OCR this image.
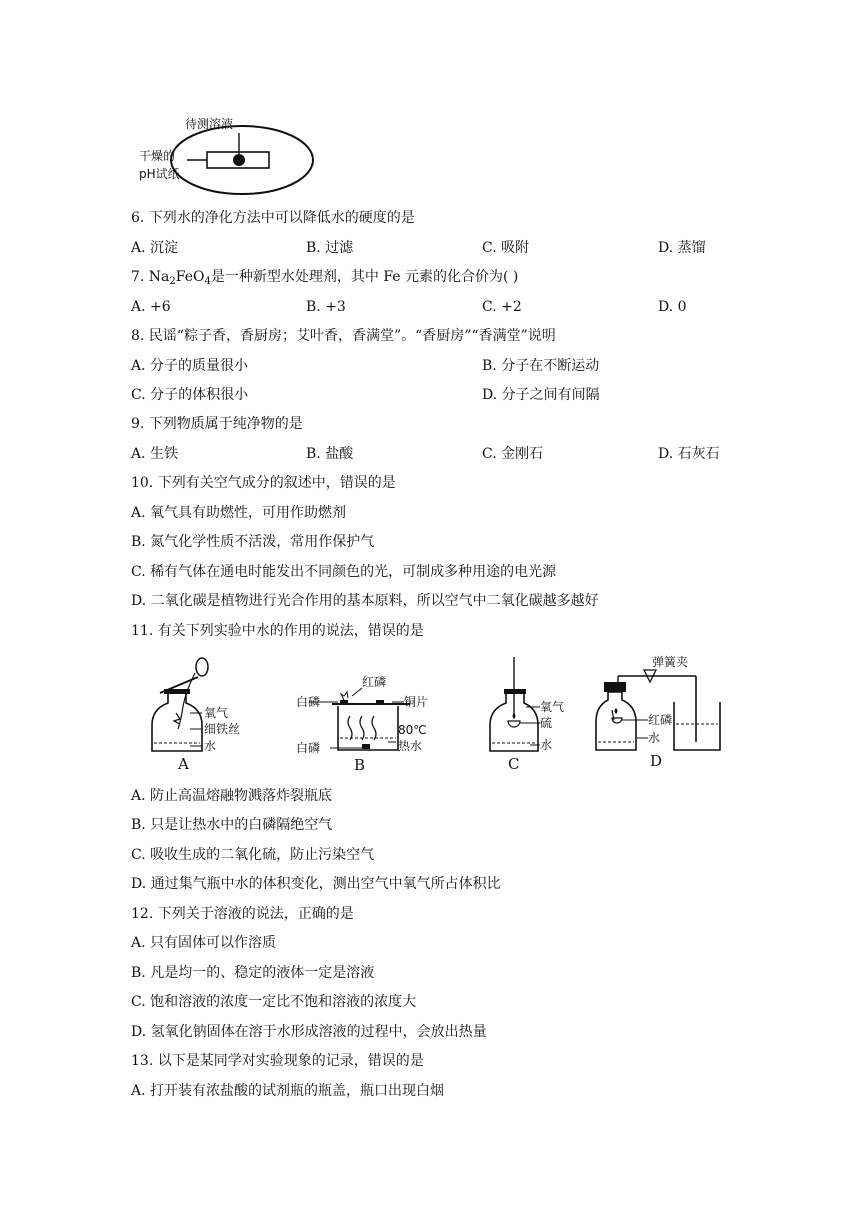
待测溶液
干燥的
pH试纸
6. 下列水的净化方法中可以降低水的硬度的是
A. 沉淀	B. 过滤	C. 吸附	D. 蒸馏
7. $Na_2FeO_4$是一种新型水处理剂，其中 Fe 元素的化合价为( )
A. +6	B. +3	C. +2	D. 0
8. 民谣“粽子香，香厨房；艾叶香，香满堂”。“香厨房”“香满堂”说明
A. 分子的质量很小	B. 分子在不断运动
C. 分子的体积很小	D. 分子之间有间隔
9. 下列物质属于纯净物的是
A. 生铁	B. 盐酸	C. 金刚石	D. 石灰石
10. 下列有关空气成分的叙述中，错误的是
A. 氧气具有助燃性，可用作助燃剂
B. 氮气化学性质不活泼，常用作保护气
C. 稀有气体在通电时能发出不同颜色的光，可制成多种用途的电光源
D. 二氧化碳是植物进行光合作用的基本原料，所以空气中二氧化碳越多越好
11. 有关下列实验中水的作用的说法，错误的是
氧气
细铁丝
水
A
白磷
红磷
铜片
80℃
白磷	热水
B
氧气
硫
水
C
弹簧夹
红磷
水
D
A. 防止高温熔融物溅落炸裂瓶底
B. 只是让热水中的白磷隔绝空气
C. 吸收生成的二氧化硫，防止污染空气
D. 通过集气瓶中水的体积变化，测出空气中氧气所占体积比
12. 下列关于溶液的说法，正确的是
A. 只有固体可以作溶质
B. 凡是均一的、稳定的液体一定是溶液
C. 饱和溶液的浓度一定比不饱和溶液的浓度大
D. 氢氧化钠固体在溶于水形成溶液的过程中，会放出热量
13. 以下是某同学对实验现象的记录，错误的是
A. 打开装有浓盐酸的试剂瓶的瓶盖，瓶口出现白烟
